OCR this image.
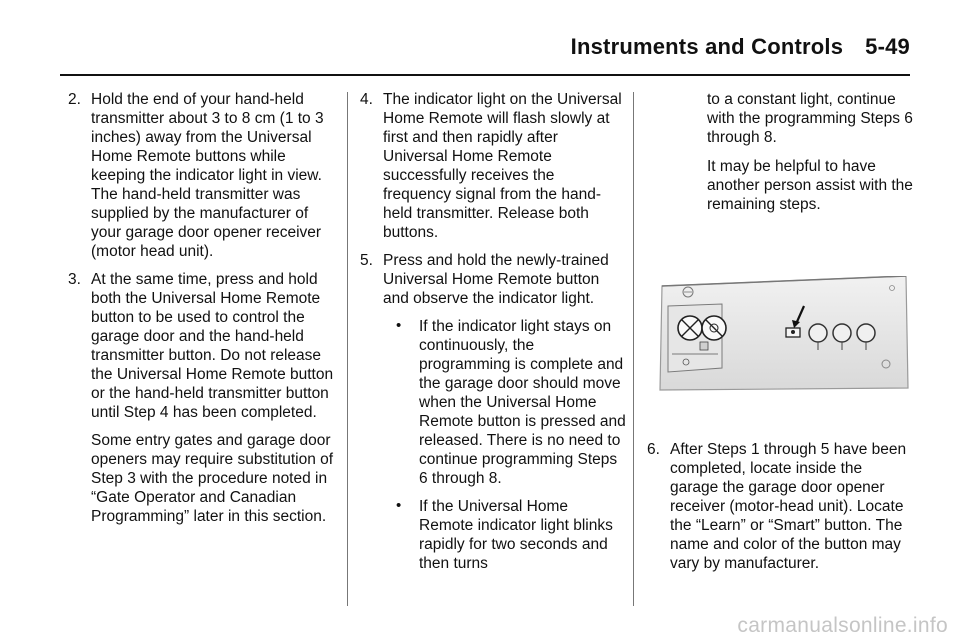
Instruments and Controls 5-49
2. Hold the end of your hand-held transmitter about 3 to 8 cm (1 to 3 inches) away from the Universal Home Remote buttons while keeping the indicator light in view. The hand-held transmitter was supplied by the manufacturer of your garage door opener receiver (motor head unit).
3. At the same time, press and hold both the Universal Home Remote button to be used to control the garage door and the hand-held transmitter button. Do not release the Universal Home Remote button or the hand-held transmitter button until Step 4 has been completed.
Some entry gates and garage door openers may require substitution of Step 3 with the procedure noted in “Gate Operator and Canadian Programming” later in this section.
4. The indicator light on the Universal Home Remote will flash slowly at first and then rapidly after Universal Home Remote successfully receives the frequency signal from the hand-held transmitter. Release both buttons.
5. Press and hold the newly-trained Universal Home Remote button and observe the indicator light.
• If the indicator light stays on continuously, the programming is complete and the garage door should move when the Universal Home Remote button is pressed and released. There is no need to continue programming Steps 6 through 8.
• If the Universal Home Remote indicator light blinks rapidly for two seconds and then turns
to a constant light, continue with the programming Steps 6 through 8.
It may be helpful to have another person assist with the remaining steps.
6. After Steps 1 through 5 have been completed, locate inside the garage the garage door opener receiver (motor-head unit). Locate the “Learn” or “Smart” button. The name and color of the button may vary by manufacturer.
carmanualsonline.info
